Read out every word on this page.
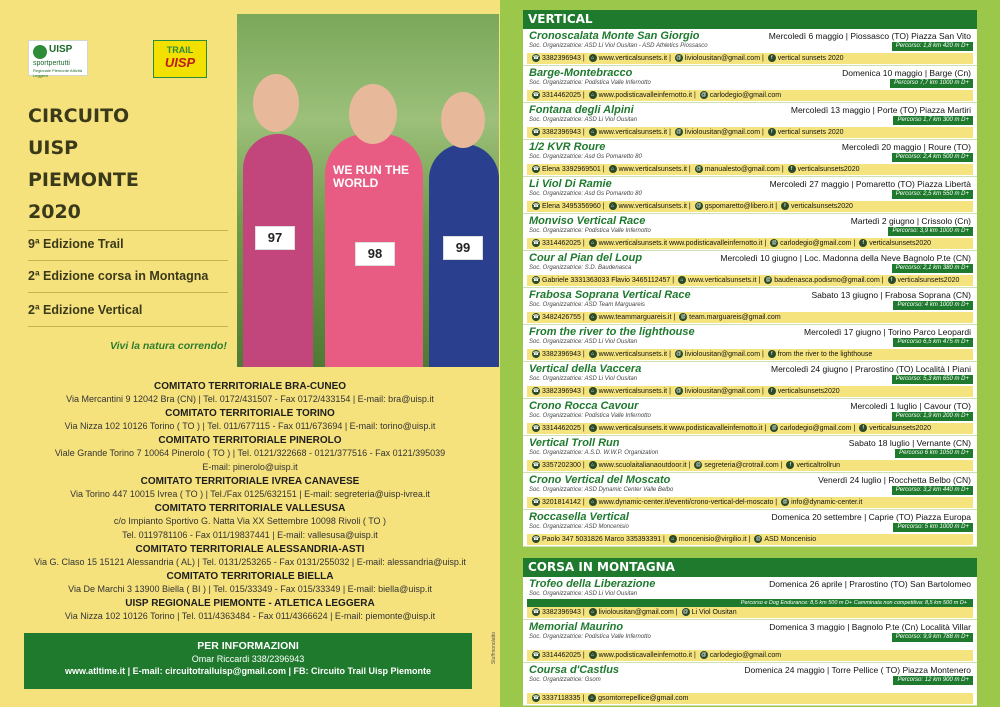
UISP
sportpertutti
Regionale Piemonte Attività Leggera
TRAIL
UISP
CIRCUITO
UISP
PIEMONTE
2020
9ª Edizione Trail
2ª Edizione corsa in Montagna
2ª Edizione Vertical
Vivi la natura correndo!
WE RUN THE WORLD
97
98	99
COMITATO TERRITORIALE BRA-CUNEO
Via Mercantini 9 12042 Bra (CN) | Tel. 0172/431507 - Fax 0172/433154 | E-mail: bra@uisp.it
COMITATO TERRITORIALE TORINO
Via Nizza 102 10126 Torino ( TO ) | Tel. 011/677115 - Fax 011/673694 | E-mail: torino@uisp.it
COMITATO TERRITORIALE PINEROLO
Viale Grande Torino 7 10064 Pinerolo ( TO ) | Tel. 0121/322668 - 0121/377516 - Fax 0121/395039
E-mail: pinerolo@uisp.it
COMITATO TERRITORIALE IVREA CANAVESE
Via Torino 447 10015 Ivrea ( TO ) | Tel./Fax 0125/632151 | E-mail: segreteria@uisp-ivrea.it
COMITATO TERRITORIALE VALLESUSA
c/o Impianto Sportivo G. Natta Via XX Settembre 10098 Rivoli ( TO )
Tel. 0119781106 - Fax 011/19837441 | E-mail: vallesusa@uisp.it
COMITATO TERRITORIALE ALESSANDRIA-ASTI
Via G. Claso 15 15121 Alessandria ( AL) | Tel. 0131/253265 - Fax 0131/255032 | E-mail: alessandria@uisp.it
COMITATO TERRITORIALE BIELLA
Via De Marchi 3 13900 Biella ( BI ) | Tel. 015/33349 - Fax 015/33349 | E-mail: biella@uisp.it
UISP REGIONALE PIEMONTE - ATLETICA LEGGERA
Via Nizza 102 10126 Torino | Tel. 011/4363484 - Fax 011/4366624 | E-mail: piemonte@uisp.it
PER INFORMAZIONI
Omar Riccardi 338/2396943
www.atltime.it | E-mail: circuitotrailuisp@gmail.com | FB: Circuito Trail Uisp Piemonte
Stuffmonolatto
VERTICAL
Cronoscalata Monte San Giorgio	Mercoledì 6 maggio | Piossasco (TO) Piazza San Vito
Soc. Organizzatrice: ASD Li Viol Ousitan - ASD Athletics Piossasco	Percorso: 1,8 km 420 m D+
☎ 3382396943 | ⌂ www.verticalsunsets.it | @ liviolousitan@gmail.com | f vertical sunsets 2020
Barge-Montebracco	Domenica 10 maggio | Barge (Cn)
Soc. Organizzatrice: Podistica Valle Infernotto	Percorso 7,7 km 1000 m D+
☎ 3314462025 | ⌂ www.podisticavalleinfernotto.it | @ carlodegio@gmail.com
Fontana degli Alpini	Mercoledì 13 maggio | Porte (TO) Piazza Martiri
Soc. Organizzatrice: ASD Li Viol Ousitan	Percorso 1,7 km 300 m D+
☎ 3382396943 | ⌂ www.verticalsunsets.it | @ liviolousitan@gmail.com | f vertical sunsets 2020
1/2 KVR Roure	Mercoledì 20 maggio | Roure (TO)
Soc. Organizzatrice: Asd Gs Pomaretto 80	Percorso: 2,4 km 500 m D+
☎ Elena 3392969501 | ⌂ www.verticalsunsets.it | @ manualesto@gmail.com | f verticalsunsets2020
Li Viol Di Ramie	Mercoledì 27 maggio | Pomaretto (TO) Piazza Libertà
Soc. Organizzatrice: Asd Gs Pomaretto 80	Percorso: 2,5 km 550 m D+
☎ Elena 3495356960 | ⌂ www.verticalsunsets.it | @ gspomaretto@libero.it | f verticalsunsets2020
Monviso Vertical Race	Martedì 2 giugno | Crissolo (Cn)
Soc. Organizzatrice: Podistica Valle Infernotto	Percorso: 3,9 km 1000 m D+
☎ 3314462025 | ⌂ www.verticalsunsets.it www.podisticavalleinfernotto.it | @ carlodegio@gmail.com | f verticalsunsets2020
Cour al Pian del Loup	Mercoledì 10 giugno | Loc. Madonna della Neve Bagnolo P.te (CN)
Soc. Organizzatrice: S.D. Baudenasca	Percorso: 2,1 km 380 m D+
☎ Gabriele 3331363033 Flavio 3465112457 | ⌂ www.verticalsunsets.it | @ baudenasca.podismo@gmail.com | f verticalsunsets2020
Frabosa Soprana Vertical Race	Sabato 13 giugno | Frabosa Soprana (CN)
Soc. Organizzatrice: ASD Team Marguareis	Percorso: 4 km 1000 m D+
☎ 3482426755 | ⌂ www.teammarguareis.it | @ team.marguareis@gmail.com
From the river to the lighthouse	Mercoledì 17 giugno | Torino Parco Leopardi
Soc. Organizzatrice: ASD Li Viol Ousitan	Percorso 6,5 km 475 m D+
☎ 3382396943 | ⌂ www.verticalsunsets.it | @ liviolousitan@gmail.com | f from the river to the lighthouse
Vertical della Vaccera	Mercoledì 24 giugno | Prarostino (TO) Località I Piani
Soc. Organizzatrice: ASD Li Viol Ousitan	Percorso: 5,3 km 650 m D+
☎ 3382396943 | ⌂ www.verticalsunsets.it | @ liviolousitan@gmail.com | f verticalsunsets2020
Crono Rocca Cavour	Mercoledì 1 luglio | Cavour (TO)
Soc. Organizzatrice: Podistica Valle Infernotto	Percorso: 1,9 km 200 m D+
☎ 3314462025 | ⌂ www.verticalsunsets.it www.podisticavalleinfernotto.it | @ carlodegio@gmail.com | f verticalsunsets2020
Vertical Troll Run	Sabato 18 luglio | Vernante (CN)
Soc. Organizzatrice: A.S.D. W.W.P. Organization	Percorso 6 km 1050 m D+
☎ 3357202300 | ⌂ www.scuolaitalianaoutdoor.it | @ segreteria@crotrail.com | f verticaltrollrun
Crono Vertical del Moscato	Venerdì 24 luglio | Rocchetta Belbo (CN)
Soc. Organizzatrice: ASD Dynamic Center Valle Belbo	Percorso: 3,2 km 440 m D+
☎ 3201814142 | ⌂ www.dynamic-center.it/eventi/crono-vertical-del-moscato | @ info@dynamic-center.it
Roccasella Vertical	Domenica 20 settembre | Caprie (TO) Piazza Europa
Soc. Organizzatrice: ASD Moncenisio	Percorso: 5 km 1000 m D+
☎ Paolo 347 5031826 Marco 335393391 | ⌂ moncenisio@virgilio.it | @ ASD Moncenisio
CORSA IN MONTAGNA
Trofeo della Liberazione	Domenica 26 aprile | Prarostino (TO) San Bartolomeo
Soc. Organizzatrice: ASD Li Viol Ousitan
Percorso e Dog Endurance: 8,5 km 500 m D+ Camminata non competitiva: 8,5 km 500 m D+
☎ 3382396943 | ⌂ liviolousitan@gmail.com | @ Li Viol Ousitan
Memorial Maurino	Domenica 3 maggio | Bagnolo P.te (Cn) Località Villar
Soc. Organizzatrice: Podistica Valle Infernotto	Percorso: 9,9 km 788 m D+
☎ 3314462025 | ⌂ www.podisticavalleinfernotto.it | @ carlodegio@gmail.com
Coursa d'Castlus	Domenica 24 maggio | Torre Pellice ( TO) Piazza Montenero
Soc. Organizzatrice: Gsom	Percorso: 12 km 900 m D+
☎ 3337118335 | ⌂ gsomtorrepellice@gmail.com
